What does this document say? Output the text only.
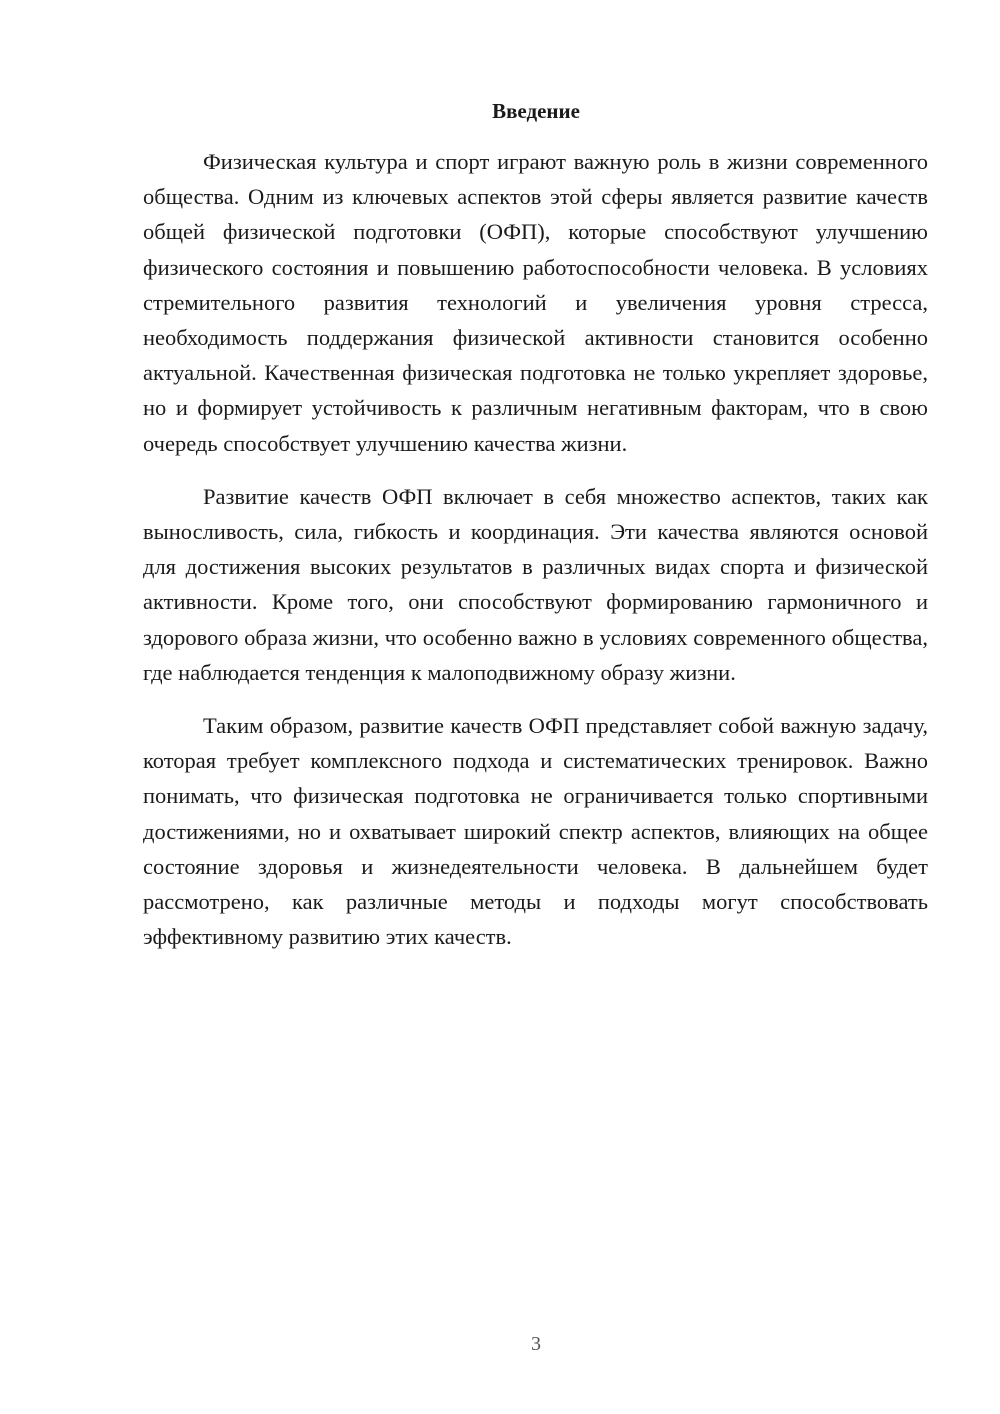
Введение

Физическая культура и спорт играют важную роль в жизни современного общества. Одним из ключевых аспектов этой сферы является развитие качеств общей физической подготовки (ОФП), которые способствуют улучшению физического состояния и повышению работоспособности человека. В условиях стремительного развития технологий и увеличения уровня стресса, необходимость поддержания физической активности становится особенно актуальной. Качественная физическая подготовка не только укрепляет здоровье, но и формирует устойчивость к различным негативным факторам, что в свою очередь способствует улучшению качества жизни.

Развитие качеств ОФП включает в себя множество аспектов, таких как выносливость, сила, гибкость и координация. Эти качества являются основой для достижения высоких результатов в различных видах спорта и физической активности. Кроме того, они способствуют формированию гармоничного и здорового образа жизни, что особенно важно в условиях современного общества, где наблюдается тенденция к малоподвижному образу жизни.

Таким образом, развитие качеств ОФП представляет собой важную задачу, которая требует комплексного подхода и систематических тренировок. Важно понимать, что физическая подготовка не ограничивается только спортивными достижениями, но и охватывает широкий спектр аспектов, влияющих на общее состояние здоровья и жизнедеятельности человека. В дальнейшем будет рассмотрено, как различные методы и подходы могут способствовать эффективному развитию этих качеств.

3
